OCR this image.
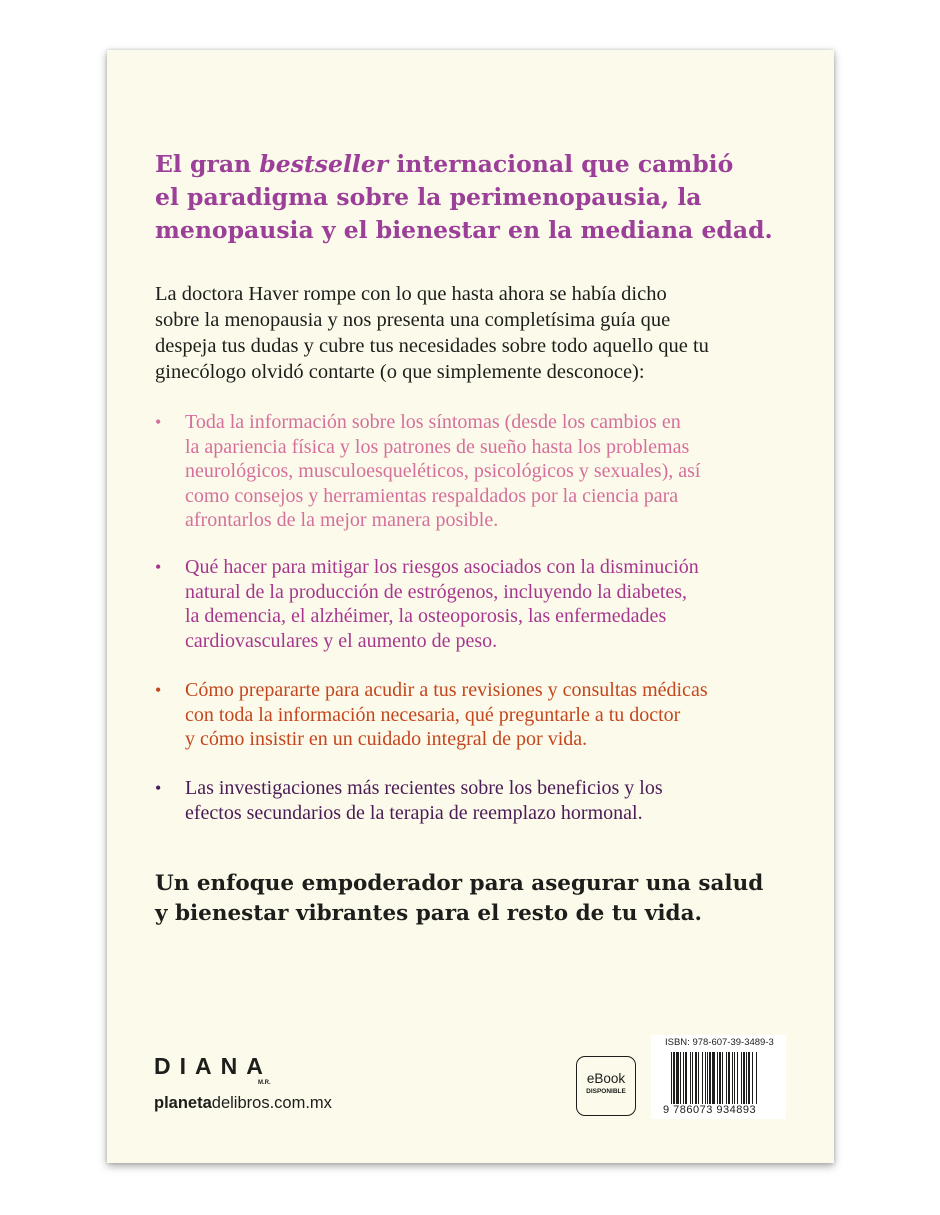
El gran bestseller internacional que cambió
el paradigma sobre la perimenopausia, la
menopausia y el bienestar en la mediana edad.

La doctora Haver rompe con lo que hasta ahora se había dicho
sobre la menopausia y nos presenta una completísima guía que
despeja tus dudas y cubre tus necesidades sobre todo aquello que tu
ginecólogo olvidó contarte (o que simplemente desconoce):

• Toda la información sobre los síntomas (desde los cambios en
la apariencia física y los patrones de sueño hasta los problemas
neurológicos, musculoesqueléticos, psicológicos y sexuales), así
como consejos y herramientas respaldados por la ciencia para
afrontarlos de la mejor manera posible.
• Qué hacer para mitigar los riesgos asociados con la disminución
natural de la producción de estrógenos, incluyendo la diabetes,
la demencia, el alzhéimer, la osteoporosis, las enfermedades
cardiovasculares y el aumento de peso.
• Cómo prepararte para acudir a tus revisiones y consultas médicas
con toda la información necesaria, qué preguntarle a tu doctor
y cómo insistir en un cuidado integral de por vida.
• Las investigaciones más recientes sobre los beneficios y los
efectos secundarios de la terapia de reemplazo hormonal.

Un enfoque empoderador para asegurar una salud
y bienestar vibrantes para el resto de tu vida.

DIANA
M.R.
planetadelibros.com.mx
eBook
DISPONIBLE
ISBN: 978-607-39-3489-3
9 786073 934893
